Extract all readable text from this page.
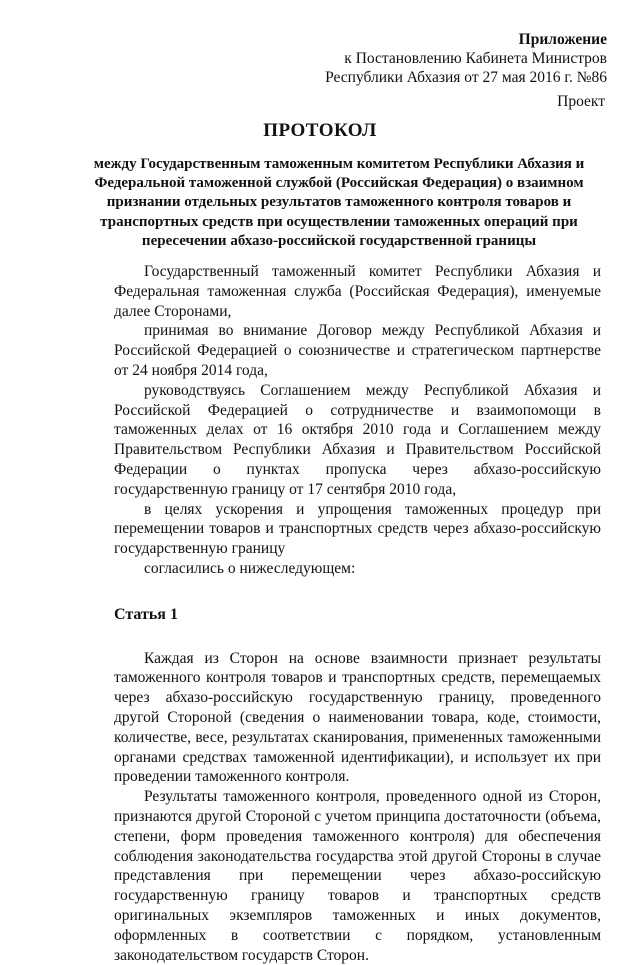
Приложение
к Постановлению Кабинета Министров
Республики Абхазия от 27 мая 2016 г. №86
Проект
ПРОТОКОЛ
между Государственным таможенным комитетом Республики Абхазия и Федеральной таможенной службой (Российская Федерация) о взаимном признании отдельных результатов таможенного контроля товаров и транспортных средств при осуществлении таможенных операций при пересечении абхазо-российской государственной границы

Государственный таможенный комитет Республики Абхазия и Федеральная таможенная служба (Российская Федерация), именуемые далее Сторонами,

принимая во внимание Договор между Республикой Абхазия и Российской Федерацией о союзничестве и стратегическом партнерстве от 24 ноября 2014 года,

руководствуясь Соглашением между Республикой Абхазия и Российской Федерацией о сотрудничестве и взаимопомощи в таможенных делах от 16 октября 2010 года и Соглашением между Правительством Республики Абхазия и Правительством Российской Федерации о пунктах пропуска через абхазо-российскую государственную границу от 17 сентября 2010 года,

в целях ускорения и упрощения таможенных процедур при перемещении товаров и транспортных средств через абхазо-российскую государственную границу

согласились о нижеследующем:

Статья 1

Каждая из Сторон на основе взаимности признает результаты таможенного контроля товаров и транспортных средств, перемещаемых через абхазо-российскую государственную границу, проведенного другой Стороной (сведения о наименовании товара, коде, стоимости, количестве, весе, результатах сканирования, примененных таможенными органами средствах таможенной идентификации), и использует их при проведении таможенного контроля.

Результаты таможенного контроля, проведенного одной из Сторон, признаются другой Стороной с учетом принципа достаточности (объема, степени, форм проведения таможенного контроля) для обеспечения соблюдения законодательства государства этой другой Стороны в случае представления при перемещении через абхазо-российскую государственную границу товаров и транспортных средств оригинальных экземпляров таможенных и иных документов, оформленных в соответствии с порядком, установленным законодательством государств Сторон.
